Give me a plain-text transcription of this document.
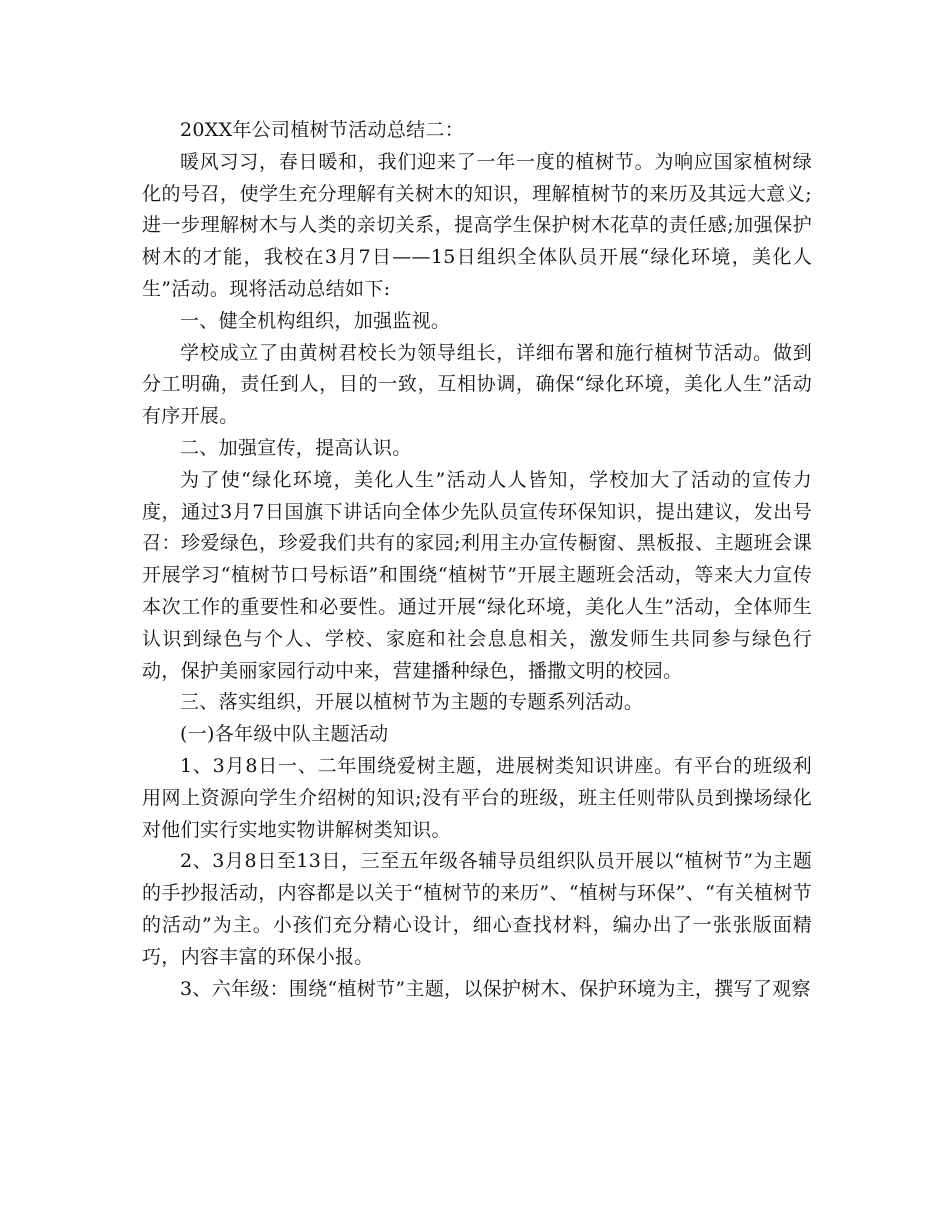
20XX年公司植树节活动总结二：

暖风习习，春日暖和，我们迎来了一年一度的植树节。为响应国家植树绿化的号召，使学生充分理解有关树木的知识，理解植树节的来历及其远大意义;进一步理解树木与人类的亲切关系，提高学生保护树木花草的责任感;加强保护树木的才能，我校在3月7日——15日组织全体队员开展“绿化环境，美化人生”活动。现将活动总结如下:

一、健全机构组织，加强监视。

学校成立了由黄树君校长为领导组长，详细布署和施行植树节活动。做到分工明确，责任到人，目的一致，互相协调，确保“绿化环境，美化人生”活动有序开展。

二、加强宣传，提高认识。

为了使“绿化环境，美化人生”活动人人皆知，学校加大了活动的宣传力度，通过3月7日国旗下讲话向全体少先队员宣传环保知识，提出建议，发出号召：珍爱绿色，珍爱我们共有的家园;利用主办宣传橱窗、黑板报、主题班会课开展学习“植树节口号标语”和围绕“植树节”开展主题班会活动，等来大力宣传本次工作的重要性和必要性。通过开展“绿化环境，美化人生”活动，全体师生认识到绿色与个人、学校、家庭和社会息息相关，激发师生共同参与绿色行动，保护美丽家园行动中来，营建播种绿色，播撒文明的校园。

三、落实组织，开展以植树节为主题的专题系列活动。

(一)各年级中队主题活动

1、3月8日一、二年围绕爱树主题，进展树类知识讲座。有平台的班级利用网上资源向学生介绍树的知识;没有平台的班级，班主任则带队员到操场绿化对他们实行实地实物讲解树类知识。

2、3月8日至13日，三至五年级各辅导员组织队员开展以“植树节”为主题的手抄报活动，内容都是以关于“植树节的来历”、“植树与环保”、“有关植树节的活动”为主。小孩们充分精心设计，细心查找材料，编办出了一张张版面精巧，内容丰富的环保小报。

3、六年级：围绕“植树节”主题，以保护树木、保护环境为主，撰写了观察
